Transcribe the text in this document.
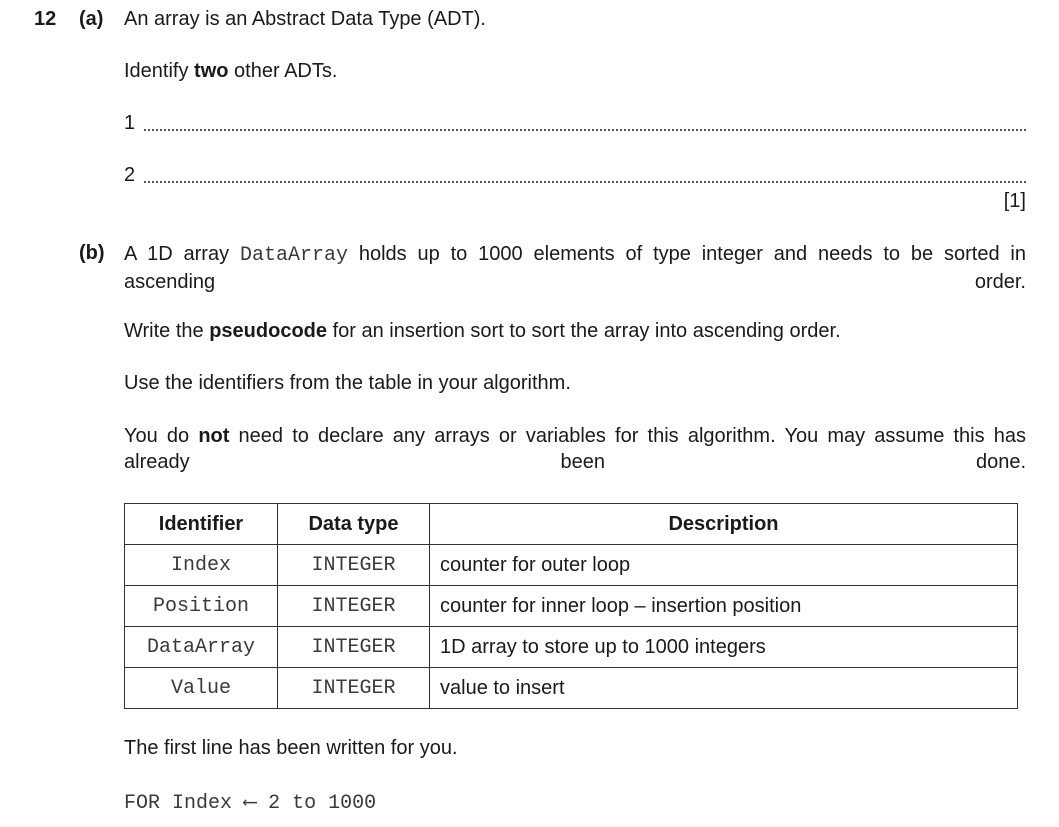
12 (a) An array is an Abstract Data Type (ADT).
Identify two other ADTs.
1
2
[1]
(b) A 1D array DataArray holds up to 1000 elements of type integer and needs to be sorted in ascending order.
Write the pseudocode for an insertion sort to sort the array into ascending order.
Use the identifiers from the table in your algorithm.
You do not need to declare any arrays or variables for this algorithm. You may assume this has already been done.
Identifier	Data type	Description
Index	INTEGER	counter for outer loop
Position	INTEGER	counter for inner loop – insertion position
DataArray	INTEGER	1D array to store up to 1000 integers
Value	INTEGER	value to insert
The first line has been written for you.
FOR Index ⟵ 2 to 1000
